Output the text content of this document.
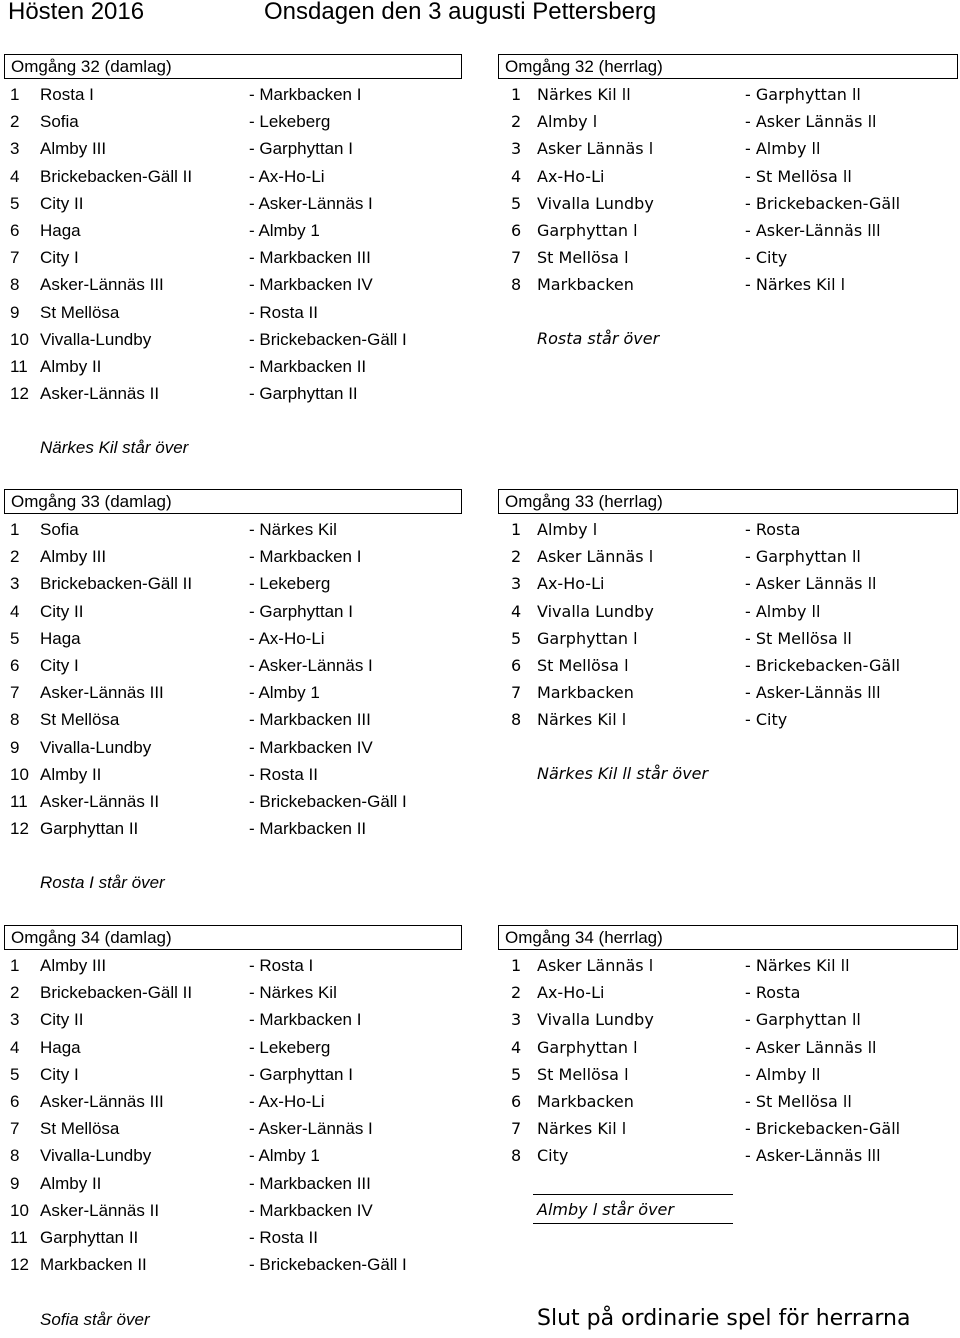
Hösten 2016	Onsdagen den 3 augusti Pettersberg
Omgång 32 (damlag)	Omgång 32 (herrlag)
1 Rosta I	- Markbacken I
2 Sofia	- Lekeberg
3 Almby III	- Garphyttan I
4 Brickebacken-Gäll II	- Ax-Ho-Li
5 City II	- Asker-Lännäs I
6 Haga	- Almby 1
7 City I	- Markbacken III
8 Asker-Lännäs III	- Markbacken IV
9 St Mellösa	- Rosta II
10 Vivalla-Lundby	- Brickebacken-Gäll I
11 Almby II	- Markbacken II
12 Asker-Lännäs II	- Garphyttan II
1 Närkes Kil ll	- Garphyttan ll
2 Almby l	- Asker Lännäs ll
3 Asker Lännäs l	- Almby ll
4 Ax-Ho-Li	- St Mellösa ll
5 Vivalla Lundby	- Brickebacken-Gäll
6 Garphyttan l	- Asker-Lännäs lll
7 St Mellösa l	- City
8 Markbacken	- Närkes Kil l
Rosta står över
Närkes Kil står över
Omgång 33 (damlag)	Omgång 33 (herrlag)
1 Sofia	- Närkes Kil
2 Almby III	- Markbacken I
3 Brickebacken-Gäll II	- Lekeberg
4 City II	- Garphyttan I
5 Haga	- Ax-Ho-Li
6 City I	- Asker-Lännäs I
7 Asker-Lännäs III	- Almby 1
8 St Mellösa	- Markbacken III
9 Vivalla-Lundby	- Markbacken IV
10 Almby II	- Rosta II
11 Asker-Lännäs II	- Brickebacken-Gäll I
12 Garphyttan II	- Markbacken II
1 Almby l	- Rosta
2 Asker Lännäs l	- Garphyttan ll
3 Ax-Ho-Li	- Asker Lännäs ll
4 Vivalla Lundby	- Almby ll
5 Garphyttan l	- St Mellösa ll
6 St Mellösa l	- Brickebacken-Gäll
7 Markbacken	- Asker-Lännäs lll
8 Närkes Kil l	- City
Närkes Kil ll står över
Rosta I står över
Omgång 34 (damlag)	Omgång 34 (herrlag)
1 Almby III	- Rosta I
2 Brickebacken-Gäll II	- Närkes Kil
3 City II	- Markbacken I
4 Haga	- Lekeberg
5 City I	- Garphyttan I
6 Asker-Lännäs III	- Ax-Ho-Li
7 St Mellösa	- Asker-Lännäs I
8 Vivalla-Lundby	- Almby 1
9 Almby II	- Markbacken III
10 Asker-Lännäs II	- Markbacken IV
11 Garphyttan II	- Rosta II
12 Markbacken II	- Brickebacken-Gäll I
1 Asker Lännäs l	- Närkes Kil ll
2 Ax-Ho-Li	- Rosta
3 Vivalla Lundby	- Garphyttan ll
4 Garphyttan l	- Asker Lännäs ll
5 St Mellösa l	- Almby ll
6 Markbacken	- St Mellösa ll
7 Närkes Kil l	- Brickebacken-Gäll
8 City	- Asker-Lännäs lll
Almby l står över
Sofia står över	Slut på ordinarie spel för herrarna
